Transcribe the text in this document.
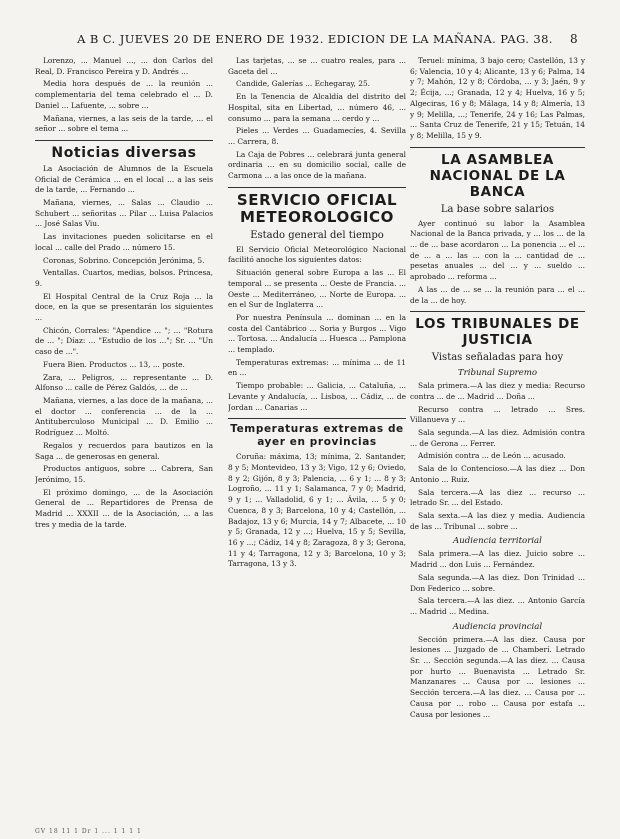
A B C. JUEVES 20 DE ENERO DE 1932. EDICION DE LA MAÑANA. PAG. 38. 8

Lorenzo, ... Manuel ..., ... don Carlos del Real, D. Francisco Pereira y D. Andrés ...

Media hora después de ... la reunión ... complementaria del tema celebrado el ... D. Daniel ... Lafuente, ... sobre ...

Mañana, viernes, a las seis de la tarde, ... el señor ... sobre el tema ...

Noticias diversas

La Asociación de Alumnos de la Escuela Oficial de Cerámica ... en el local ... a las seis de la tarde, ... Fernando ...

Mañana, viernes, ... Salas ... Claudio ... Schubert ... señoritas ... Pilar ... Luisa Palacios ... José Salas Viu.

Las invitaciones pueden solicitarse en el local ... calle del Prado ... número 15.

Coronas, Sobrino. Concepción Jerónima, 5.

Ventallas. Cuartos, medias, bolsos. Princesa, 9.

El Hospital Central de la Cruz Roja ... la doce, en la que se presentarán los siguientes ...

Chicón, Corrales: "Apendice ... "; ... "Rotura de ... "; Díaz: ... "Estudio de los ..."; Sr. ... "Un caso de ...".

Fuera Bien. Productos ... 13, ... poste.

Zara, ... Peligros, ... representante ... D. Alfonso ... calle de Pérez Galdós, ... de ...

Mañana, viernes, a las doce de la mañana, ... el doctor ... conferencia ... de la ... Antituberculoso Municipal ... D. Emilio ... Rodríguez ... Moltó.

Regalos y recuerdos para bautizos en la Saga ... de generosas en general.

Productos antiguos, sobre ... Cabrera, San Jerónimo, 15.

El próximo domingo, ... de la Asociación General de ... Repartidores de Prensa de Madrid ... XXXII ... de la Asociación, ... a las tres y media de la tarde.

Las tarjetas, ... se ... cuatro reales, para ... Gaceta del ...

Candide, Galerías ... Echegaray, 25.

En la Tenencia de Alcaldía del distrito del Hospital, sita en Libertad, ... número 46, ... consumo ... para la semana ... cerdo y ...

Pieles ... Verdes ... Guadamecíes, 4. Sevilla ... Carrera, 8.

La Caja de Pobres ... celebrará junta general ordinaria ... en su domicilio social, calle de Carmona ... a las once de la mañana.

SERVICIO OFICIAL METEOROLOGICO
Estado general del tiempo

El Servicio Oficial Meteorológico Nacional facilitó anoche los siguientes datos:

Situación general sobre Europa a las ... El temporal ... se presenta ... Oeste de Francia. ... Oeste ... Mediterráneo, ... Norte de Europa. ... en el Sur de Inglaterra ...

Por nuestra Península ... dominan ... en la costa del Cantábrico ... Soria y Burgos ... Vigo ... Tortosa. ... Andalucía ... Huesca ... Pamplona ... templado.

Temperaturas extremas: ... mínima ... de 11 en ...

Tiempo probable: ... Galicia, ... Cataluña, ... Levante y Andalucía, ... Lisboa, ... Cádiz, ... de Jordan ... Canarias ...

Temperaturas extremas de ayer en provincias

Coruña: máxima, 13; mínima, 2. Santander, 8 y 5; Montevideo, 13 y 3; Vigo, 12 y 6; Oviedo, 8 y 2; Gijón, 8 y 3; Palencia, ... 6 y 1; ... 8 y 3; Logroño, ... 11 y 1; Salamanca, 7 y 0; Madrid, 9 y 1; ... Valladolid, 6 y 1; ... Ávila, ... 5 y 0; Cuenca, 8 y 3; Barcelona, 10 y 4; Castellón, ... Badajoz, 13 y 6; Murcia, 14 y 7; Albacete, ... 10 y 5; Granada, 12 y ...; Huelva, 15 y 5; Sevilla, 16 y ...; Cádiz, 14 y 8; Zaragoza, 8 y 3; Gerona, 11 y 4; Tarragona, 12 y 3; Barcelona, 10 y 3; Tarragona, 13 y 3.

Teruel: mínima, 3 bajo cero; Castellón, 13 y 6; Valencia, 10 y 4; Alicante, 13 y 6; Palma, 14 y 7; Mahón, 12 y 8; Córdoba, ... y 3; Jaén, 9 y 2; Écija, ...; Granada, 12 y 4; Huelva, 16 y 5; Algeciras, 16 y 8; Málaga, 14 y 8; Almería, 13 y 9; Melilla, ...; Tenerife, 24 y 16; Las Palmas, ... Santa Cruz de Tenerife, 21 y 15; Tetuán, 14 y 8; Melilla, 15 y 9.

LA ASAMBLEA NACIONAL DE LA BANCA
La base sobre salarios

Ayer continuó su labor la Asamblea Nacional de la Banca privada, y ... los ... de la ... de ... base acordaron ... La ponencia ... el ... de ... a ... las ... con la ... cantidad de ... pesetas anuales ... del ... y ... sueldo ... aprobado ... reforma ...

A las ... de ... se ... la reunión para ... el ... de la ... de hoy.

LOS TRIBUNALES DE JUSTICIA
Vistas señaladas para hoy
Tribunal Supremo

Sala primera.—A las diez y media: Recurso contra ... de ... Madrid ... Doña ...

Recurso contra ... letrado ... Sres. Villanueva y ...

Sala segunda.—A las diez. Admisión contra ... de Gerona ... Ferrer.

Admisión contra ... de León ... acusado.

Sala de lo Contencioso.—A las diez ... Don Antonio ... Ruiz.

Sala tercera.—A las diez ... recurso ... letrado Sr. ... del Estado.

Sala sexta.—A las diez y media. Audiencia de las ... Tribunal ... sobre ...

Audiencia territorial

Sala primera.—A las diez. Juicio sobre ... Madrid ... don Luis ... Fernández.

Sala segunda.—A las diez. Don Trinidad ... Don Federico ... sobre.

Sala tercera.—A las diez. ... Antonio García ... Madrid ... Medina.

Audiencia provincial

Sección primera.—A las diez. Causa por lesiones ... Juzgado de ... Chamberí. Letrado Sr. ... Sección segunda.—A las diez. ... Causa por hurto ... Buenavista ... Letrado Sr. Manzanares ... Causa por ... lesiones ... Sección tercera.—A las diez. ... Causa por ... Causa por ... robo ... Causa por estafa ... Causa por lesiones ...

GV 18 11 1 Dr 1 ... 1 1 1 1
